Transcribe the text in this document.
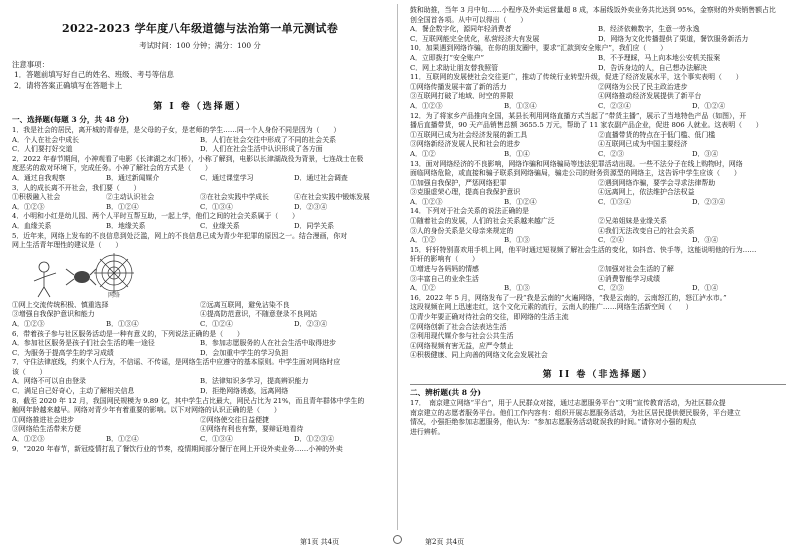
2022-2023 学年度八年级道德与法治第一单元测试卷
考试时间：100 分钟；满分：100 分
注意事项：
1．答题前填写好自己的姓名、班级、考号等信息
2．请将答案正确填写在答题卡上
第 I 卷（选择题）
一、选择题(每题 3 分，共 48 分)
1．我是社会的居民，离开城的青春是，是父母的子女，是老师的学生……同一个人身份不同是因为（　　）
A．个人在社会中成长	B．人们在社会交往中形成了不同的社会关系
C．人们要打好交道	D．人们在社会生活中认识形成了各方面
2．2022 年春节期间，小神观看了电影《长津湖之水门桥》，小称了解到，电影以长津湖战役为背景，七连战士在极
度恶劣的敌对环境下，完成任务。小神了解社会的方式是（　　）
A．通过自我观察	B．通过新闻媒介	C．通过课堂学习	D．通过社会调查
3．人的成长离不开社会，我们要（　　）
①积极融入社会	②主动认识社会	③在社会实践中学成长	④在社会实践中锻炼发展
A．①②③	B．①②④	C．①③④	D．②③④
4．小明和小红是幼儿园、两个人平时互帮互助，一起上学，他们之间的社会关系属于（　　）
A．血缘关系	B．地缘关系	C．业缘关系	D．同学关系
5．近年来，网络上发布的不良信息到处泛滥，网上的不良信息已成为青少年犯罪的原因之一。结合漫画，你对
网上生活青年理性的建议是（　　）
网络
①网上交流传统积极、慎重选择	②远离互联网，避免沾染不良
③增强自我保护意识和能力	④提高防范意识，不随意登录不良网站
A．①②③	B．①③④	C．①②④	D．②③④
6．带着孩子参与社区服务活动是一种有意义的，下列说法正确的是（　　）
A．参加社区服务是孩子们社会生活的唯一途径	B．参加志愿服务的人在社会生活中取得进步
C．为服务于提高学生的学习成绩	D．会加重中学生的学习负担
7．守住法律底线，约束个人行为，不信谣、不传谣，是网络生活中应遵守的基本原则。中学生面对网络时应
该（　　）
A．网络不可以自由登录	B．法律知识多学习，提高辨识能力
C．满足自己好奇心，主动了解相关信息	D．拒绝网络诱惑，远离网络
8．截至 2020 年 12 月，我国网民规模为 9.89 亿，其中学生占比最大，网民占比为 21%，而且青年群体中学生的
触网年龄越来越早。网络对青少年有着重要的影响。以下对网络的认识正确的是（　　）
①网络推进社会进步	②网络使交往日益便捷
③网络给生活带来方便	④网络有利也有弊，要辩证地看待
A．①②③	B．①②④	C．①③④	D．①②③④
9．“2020 年春节，新冠疫情打乱了餐饮行业的节奏，疫情期间部分餐厅在网上开设外卖业务……小神的外卖
鼓和助推，当年 3 月中旬……小程序及外卖运营量超 8 成，本届线饭外卖业务共比达到 95%，金察财的外卖销售额占比
创全国首各项。从中可以得出（　　）
A．餐企数字化，源同年轻消费者	B．经济依赖数字，生意一劳永逸
C．互联网能完全优化，私营经济大有发展	D．网络为文化传播提供了渠道，餐饮服务新活力
10．加果遇到网络诈骗，在你的朋友圈中，要求“汇款到安全账户”，我们应（　　）
A．立即拨打“安全账户”	B．不予理睬，马上向本地公安机关报案
C．网上求助让朋友替我照管	D．告诉身边的人，自己想办法解决
11．互联网的发展使社会交往更广，推动了传统行业转型升级，促进了经济发展水平，这个事实表明（　　）
①网络传播发展丰富了新的活力	②网络为公民了民主政治进步
③互联网打破了地域、时空的界限	④网络推动经济发展提供了新平台
A．①②③	B．①③④	C．②③④	D．①②④
12．为了将家乡产品推向全国，某县长利用网络直播方式当起了“带货主播”，展示了当地特色产品（如图），开
播后直播带货，90 天产品销售总额 3655.5 万元，帮助了 11 家农副产品企业，促进 806 人就业。这表明（　　）
①互联网已成为社会经济发展的新工具	②直播带货的特点在于低门槛、低门槛
③网络新经济发展人民和社会的进步	④互联网已成为中国主要经济
A．①②	B．①④	C．②③	D．③④
13．面对网络经济的不良影响，网络诈骗和网络骗局等违法犯罪活动出现。一些不法分子在线上购物时，网络
面临网络危险，或直接和骗子联系到网络骗局，骗走公司的财务资源型的网络主，这告诉中学生应该（　　）
①加强自我保护，严惩网络犯罪	②遇到网络诈骗，要学会寻求法律帮助
③克服虚荣心理，提高自我保护意识	④远离网上，依法维护合法权益
A．①②③	B．①②④	C．①③④	D．②③④
14．下列对于社会关系的说法正确的是
①随着社会的发展，人们的社会关系越来越广泛	②兄弟姐妹是业缘关系
③人的身份关系是父母亲来规定的	④我们无法改变自己的社会关系
A．①②	B．①③	C．②④	D．③④
15．轩轩特别喜欢用手机上网，他平时通过短视频了解社会生活的变化，如抖音、快手等，这能说明他的行为……
轩轩的影响有（　　）
①增进与各妈妈的情感	②加强对社会生活的了解
③丰富自己的业余生活	④消费智能学习成绩
A．①②	B．①③	C．②③	D．①④
16．2022 年 5 月，网络发布了一段“我是云南的”火遍网络，“我是云南的，云南怒江的，怒江泸水市。”
这段视频在网上迅速走红，这个文化元素的流行，云南人的推广……网络生活新空间（　　）
①青少年要正确对待社会的交往，即网络的生活主流
②网络创新了社会合法表达生活
③利用现代媒介参与社会公共生活
④网络视频有害无益，应严令禁止
④积极健康、同上向善的网络文化会发展社会
第 II 卷（非选择题）
二、辨析题(共 8 分)
17．　南京建立网络“平台”，用于人民群众对接，通过志愿服务平台“文明”宣传教育活动，为社区群众提
南京建立的志愿者服务平台。他们工作内容有：组织开展志愿服务活动，为社区居民提供便民服务，平台建立
情况，小强拒绝参加志愿服务，他认为：“参加志愿服务活动耽误我的时间。”请你对小强的观点
进行辨析。
第1页 共4页	第2页 共4页
